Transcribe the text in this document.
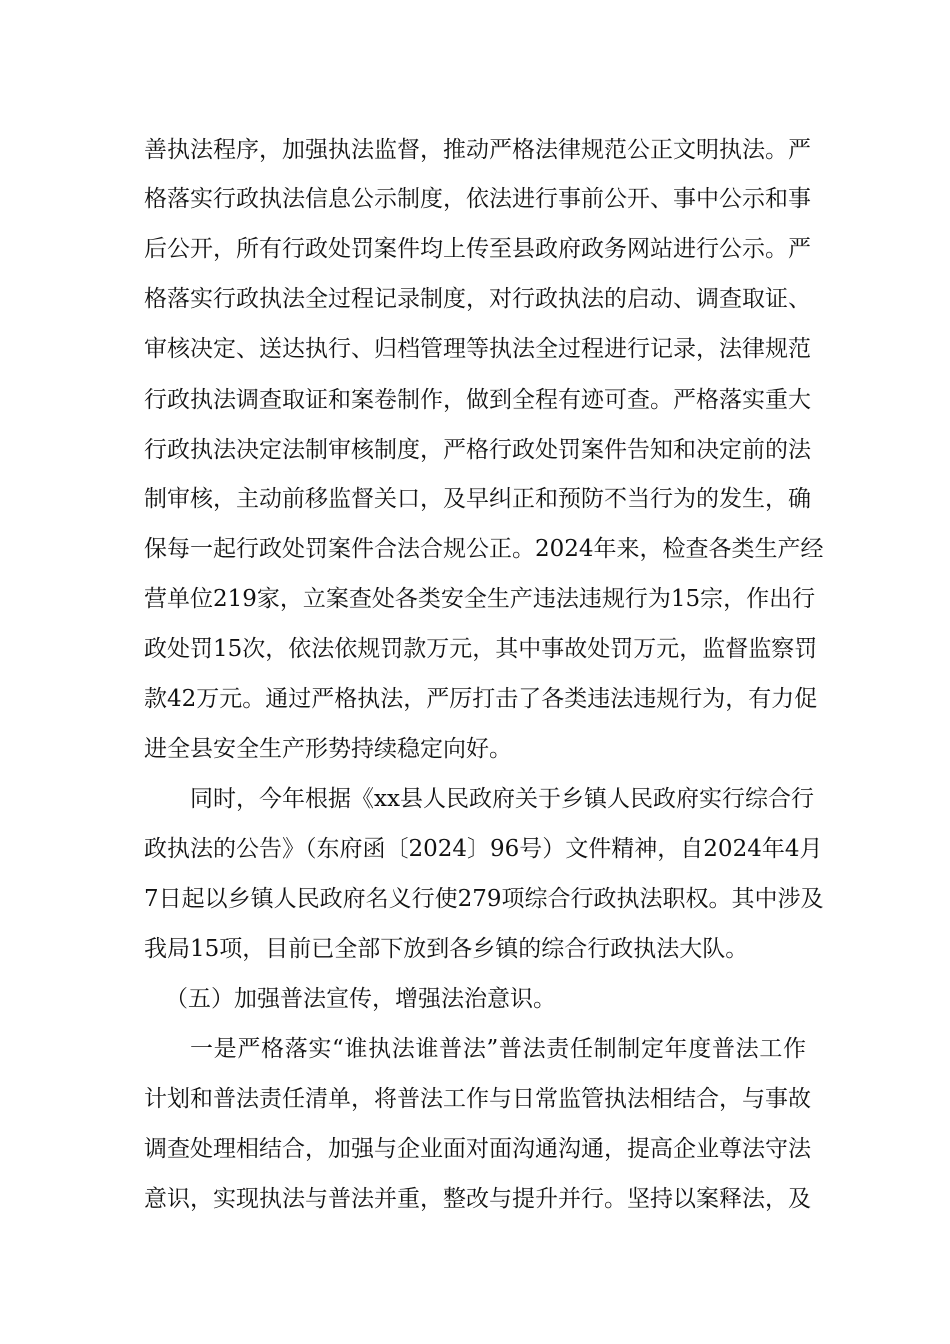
善执法程序，加强执法监督，推动严格法律规范公正文明执法。严
格落实行政执法信息公示制度，依法进行事前公开、事中公示和事
后公开，所有行政处罚案件均上传至县政府政务网站进行公示。严
格落实行政执法全过程记录制度，对行政执法的启动、调查取证、
审核决定、送达执行、归档管理等执法全过程进行记录，法律规范
行政执法调查取证和案卷制作，做到全程有迹可查。严格落实重大
行政执法决定法制审核制度，严格行政处罚案件告知和决定前的法
制审核，主动前移监督关口，及早纠正和预防不当行为的发生，确
保每一起行政处罚案件合法合规公正。2024年来，检查各类生产经
营单位219家，立案查处各类安全生产违法违规行为15宗，作出行
政处罚15次，依法依规罚款万元，其中事故处罚万元，监督监察罚
款42万元。通过严格执法，严厉打击了各类违法违规行为，有力促
进全县安全生产形势持续稳定向好。
同时，今年根据《xx县人民政府关于乡镇人民政府实行综合行
政执法的公告》（东府函〔2024〕96号）文件精神，自2024年4月
7日起以乡镇人民政府名义行使279项综合行政执法职权。其中涉及
我局15项，目前已全部下放到各乡镇的综合行政执法大队。
（五）加强普法宣传，增强法治意识。
一是严格落实“谁执法谁普法”普法责任制制定年度普法工作
计划和普法责任清单，将普法工作与日常监管执法相结合，与事故
调查处理相结合，加强与企业面对面沟通沟通，提高企业尊法守法
意识，实现执法与普法并重，整改与提升并行。坚持以案释法，及
